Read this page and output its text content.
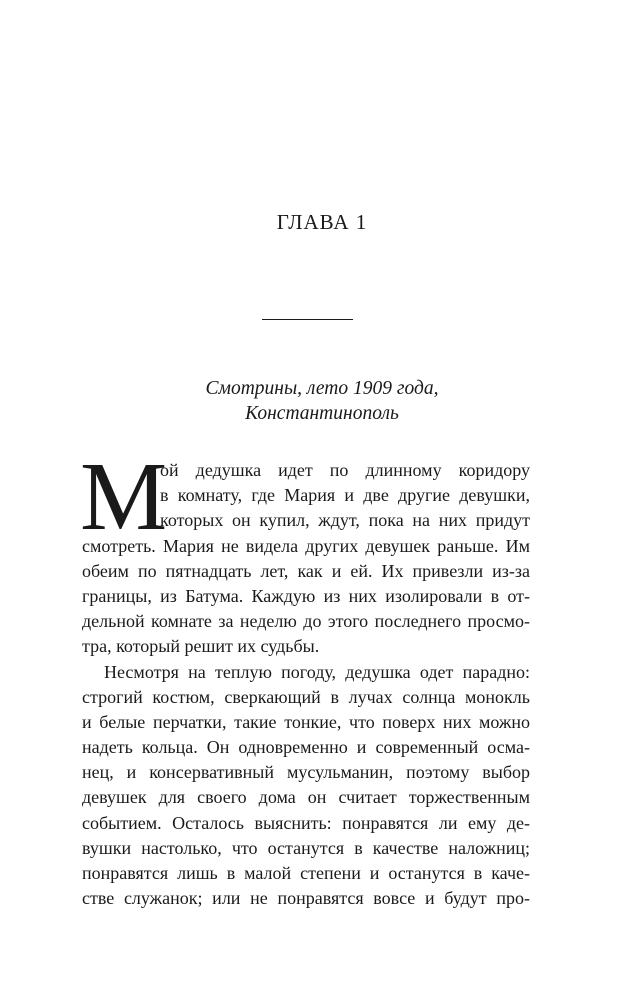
ГЛАВА 1
Смотрины, лето 1909 года,
Константинополь
М
ой дедушка идет по длинному коридору
в комнату, где Мария и две другие девушки,
которых он купил, ждут, пока на них придут
смотреть. Мария не видела других девушек раньше. Им
обеим по пятнадцать лет, как и ей. Их привезли из-за
границы, из Батума. Каждую из них изолировали в от-
дельной комнате за неделю до этого последнего просмо-
тра, который решит их судьбы.
Несмотря на теплую погоду, дедушка одет парадно:
строгий костюм, сверкающий в лучах солнца монокль
и белые перчатки, такие тонкие, что поверх них можно
надеть кольца. Он одновременно и современный осма-
нец, и консервативный мусульманин, поэтому выбор
девушек для своего дома он считает торжественным
событием. Осталось выяснить: понравятся ли ему де-
вушки настолько, что останутся в качестве наложниц;
понравятся лишь в малой степени и останутся в каче-
стве служанок; или не понравятся вовсе и будут про-
